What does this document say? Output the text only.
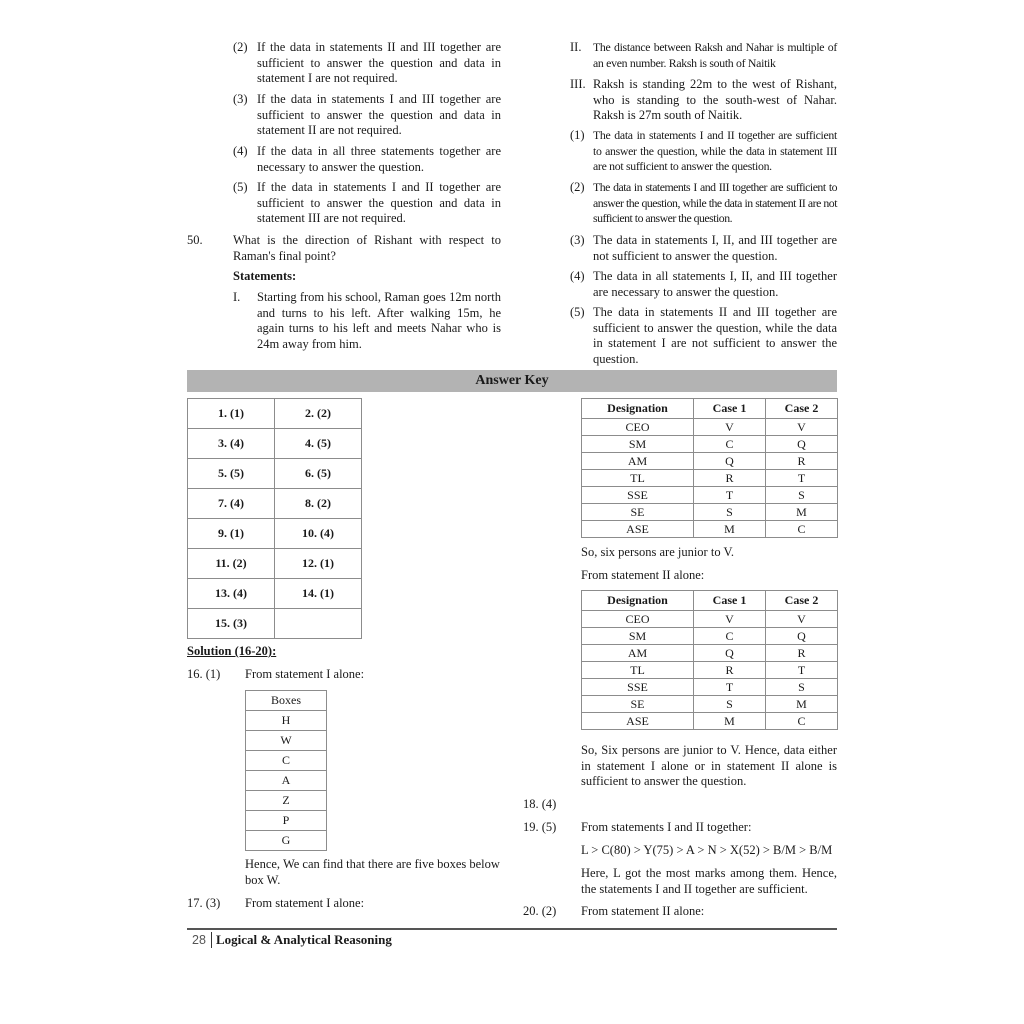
(2) If the data in statements II and III together are sufficient to answer the question and data in statement I are not required.
(3) If the data in statements I and III together are sufficient to answer the question and data in statement II are not required.
(4) If the data in all three statements together are necessary to answer the question.
(5) If the data in statements I and II together are sufficient to answer the question and data in statement III are not required.
50. What is the direction of Rishant with respect to Raman's final point?
Statements:
I. Starting from his school, Raman goes 12m north and turns to his left. After walking 15m, he again turns to his left and meets Nahar who is 24m away from him.
II. The distance between Raksh and Nahar is multiple of an even number. Raksh is south of Naitik
III. Raksh is standing 22m to the west of Rishant, who is standing to the south-west of Nahar. Raksh is 27m south of Naitik.
(1) The data in statements I and II together are sufficient to answer the question, while the data in statement III are not sufficient to answer the question.
(2) The data in statements I and III together are sufficient to answer the question, while the data in statement II are not sufficient to answer the question.
(3) The data in statements I, II, and III together are not sufficient to answer the question.
(4) The data in all statements I, II, and III together are necessary to answer the question.
(5) The data in statements II and III together are sufficient to answer the question, while the data in statement I are not sufficient to answer the question.
Answer Key
1. (1)	2. (2)
3. (4)	4. (5)
5. (5)	6. (5)
7. (4)	8. (2)
9. (1)	10. (4)
11. (2)	12. (1)
13. (4)	14. (1)
15. (3)	
Solution (16-20):
16. (1) From statement I alone:
Boxes
H
W
C
A
Z
P
G
Hence, We can find that there are five boxes below box W.
17. (3) From statement I alone:
Designation	Case 1	Case 2
CEO	V	V
SM	C	Q
AM	Q	R
TL	R	T
SSE	T	S
SE	S	M
ASE	M	C
So, six persons are junior to V.
From statement II alone:
Designation	Case 1	Case 2
CEO	V	V
SM	C	Q
AM	Q	R
TL	R	T
SSE	T	S
SE	S	M
ASE	M	C
So, Six persons are junior to V. Hence, data either in statement I alone or in statement II alone is sufficient to answer the question.
18. (4)
19. (5) From statements I and II together:
L > C(80) > Y(75) > A > N > X(52) > B/M > B/M
Here, L got the most marks among them. Hence, the statements I and II together are sufficient.
20. (2) From statement II alone:
28 Logical & Analytical Reasoning
